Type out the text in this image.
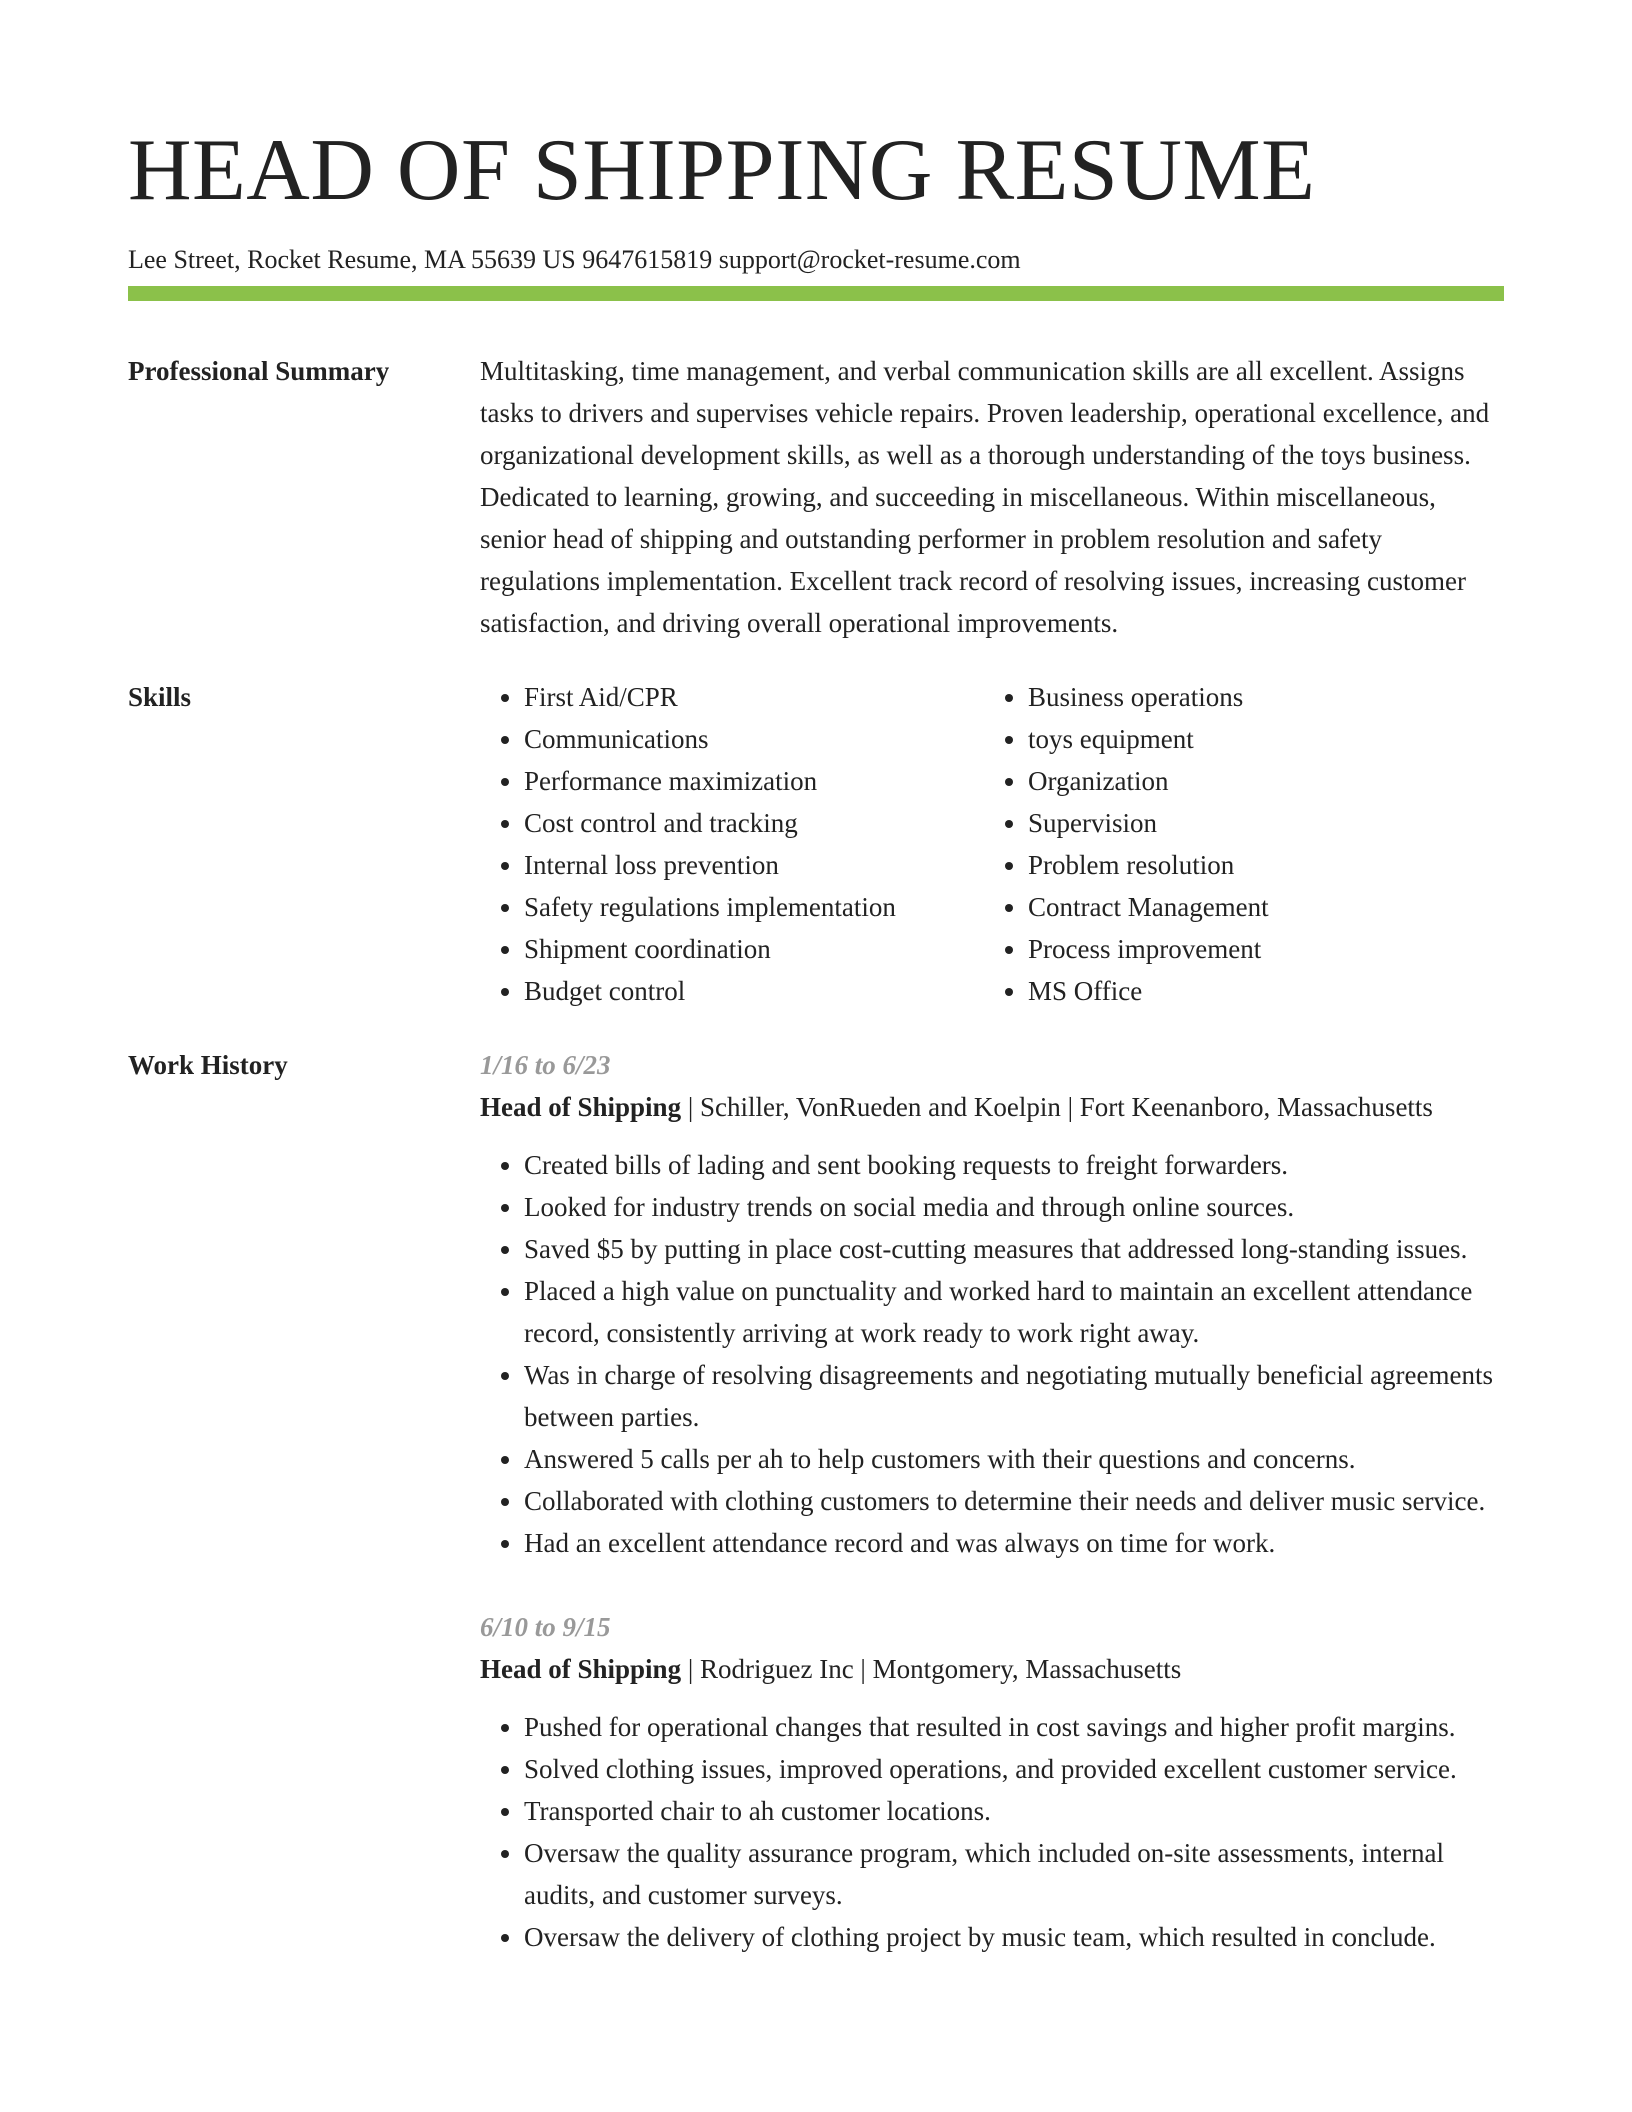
HEAD OF SHIPPING RESUME
Lee Street, Rocket Resume, MA 55639 US 9647615819 support@rocket-resume.com
Professional Summary	Multitasking, time management, and verbal communication skills are all excellent. Assigns tasks to drivers and supervises vehicle repairs. Proven leadership, operational excellence, and organizational development skills, as well as a thorough understanding of the toys business. Dedicated to learning, growing, and succeeding in miscellaneous. Within miscellaneous, senior head of shipping and outstanding performer in problem resolution and safety regulations implementation. Excellent track record of resolving issues, increasing customer satisfaction, and driving overall operational improvements.
Skills
•	First Aid/CPR
• Communications
• Performance maximization
• Cost control and tracking
• Internal loss prevention
• Safety regulations implementation
• Shipment coordination
• Budget control
• Business operations
• toys equipment
• Organization
• Supervision
• Problem resolution
• Contract Management
• Process improvement
• MS Office
Work History	1/16 to 6/23
Head of Shipping | Schiller, VonRueden and Koelpin | Fort Keenanboro, Massachusetts
• Created bills of lading and sent booking requests to freight forwarders.
• Looked for industry trends on social media and through online sources.
• Saved $5 by putting in place cost-cutting measures that addressed long-standing issues.
• Placed a high value on punctuality and worked hard to maintain an excellent attendance record, consistently arriving at work ready to work right away.
• Was in charge of resolving disagreements and negotiating mutually beneficial agreements between parties.
• Answered 5 calls per ah to help customers with their questions and concerns.
• Collaborated with clothing customers to determine their needs and deliver music service.
• Had an excellent attendance record and was always on time for work.
6/10 to 9/15
Head of Shipping | Rodriguez Inc | Montgomery, Massachusetts
• Pushed for operational changes that resulted in cost savings and higher profit margins.
• Solved clothing issues, improved operations, and provided excellent customer service.
• Transported chair to ah customer locations.
• Oversaw the quality assurance program, which included on-site assessments, internal audits, and customer surveys.
• Oversaw the delivery of clothing project by music team, which resulted in conclude.
